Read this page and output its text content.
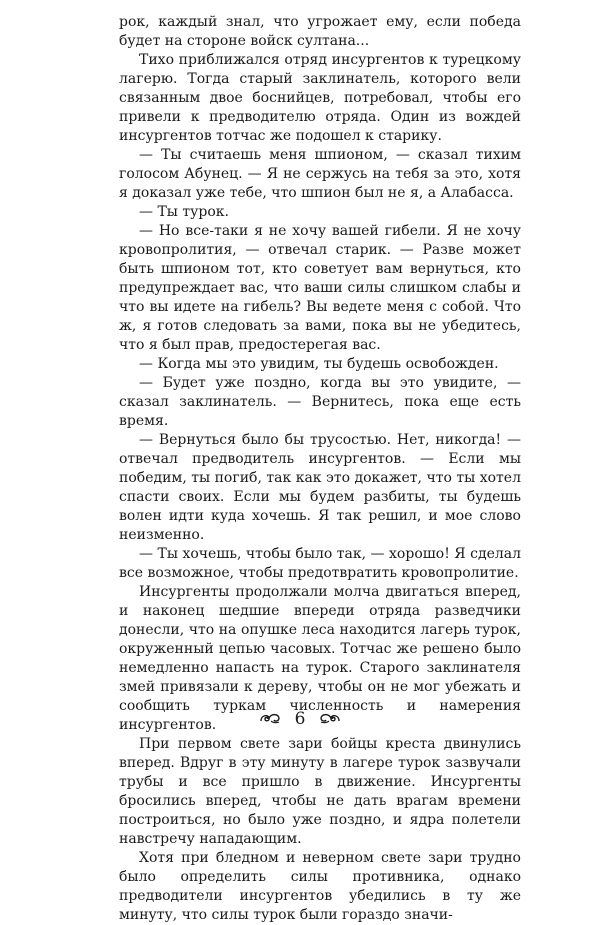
рок, каждый знал, что угрожает ему, если победа будет на стороне войск султана...

Тихо приближался отряд инсургентов к турецкому лагерю. Тогда старый заклинатель, которого вели связанным двое боснийцев, потребовал, чтобы его привели к предводителю отряда. Один из вождей инсургентов тотчас же подошел к старику.

— Ты считаешь меня шпионом, — сказал тихим голосом Абунец. — Я не сержусь на тебя за это, хотя я доказал уже тебе, что шпион был не я, а Алабасса.

— Ты турок.

— Но все-таки я не хочу вашей гибели. Я не хочу кровопролития, — отвечал старик. — Разве может быть шпионом тот, кто советует вам вернуться, кто предупреждает вас, что ваши силы слишком слабы и что вы идете на гибель? Вы ведете меня с собой. Что ж, я готов следовать за вами, пока вы не убедитесь, что я был прав, предостерегая вас.

— Когда мы это увидим, ты будешь освобожден.

— Будет уже поздно, когда вы это увидите, — сказал заклинатель. — Вернитесь, пока еще есть время.

— Вернуться было бы трусостью. Нет, никогда! — отвечал предводитель инсургентов. — Если мы победим, ты погиб, так как это докажет, что ты хотел спасти своих. Если мы будем разбиты, ты будешь волен идти куда хочешь. Я так решил, и мое слово неизменно.

— Ты хочешь, чтобы было так, — хорошо! Я сделал все возможное, чтобы предотвратить кровопролитие.

Инсургенты продолжали молча двигаться вперед, и наконец шедшие впереди отряда разведчики донесли, что на опушке леса находится лагерь турок, окруженный цепью часовых. Тотчас же решено было немедленно напасть на турок. Старого заклинателя змей привязали к дереву, чтобы он не мог убежать и сообщить туркам численность и намерения инсургентов.

При первом свете зари бойцы креста двинулись вперед. Вдруг в эту минуту в лагере турок зазвучали трубы и все пришло в движение. Инсургенты бросились вперед, чтобы не дать врагам времени построиться, но было уже поздно, и ядра полетели навстречу нападающим.

Хотя при бледном и неверном свете зари трудно было определить силы противника, однако предводители инсургентов убедились в ту же минуту, что силы турок были гораздо значи-

6
